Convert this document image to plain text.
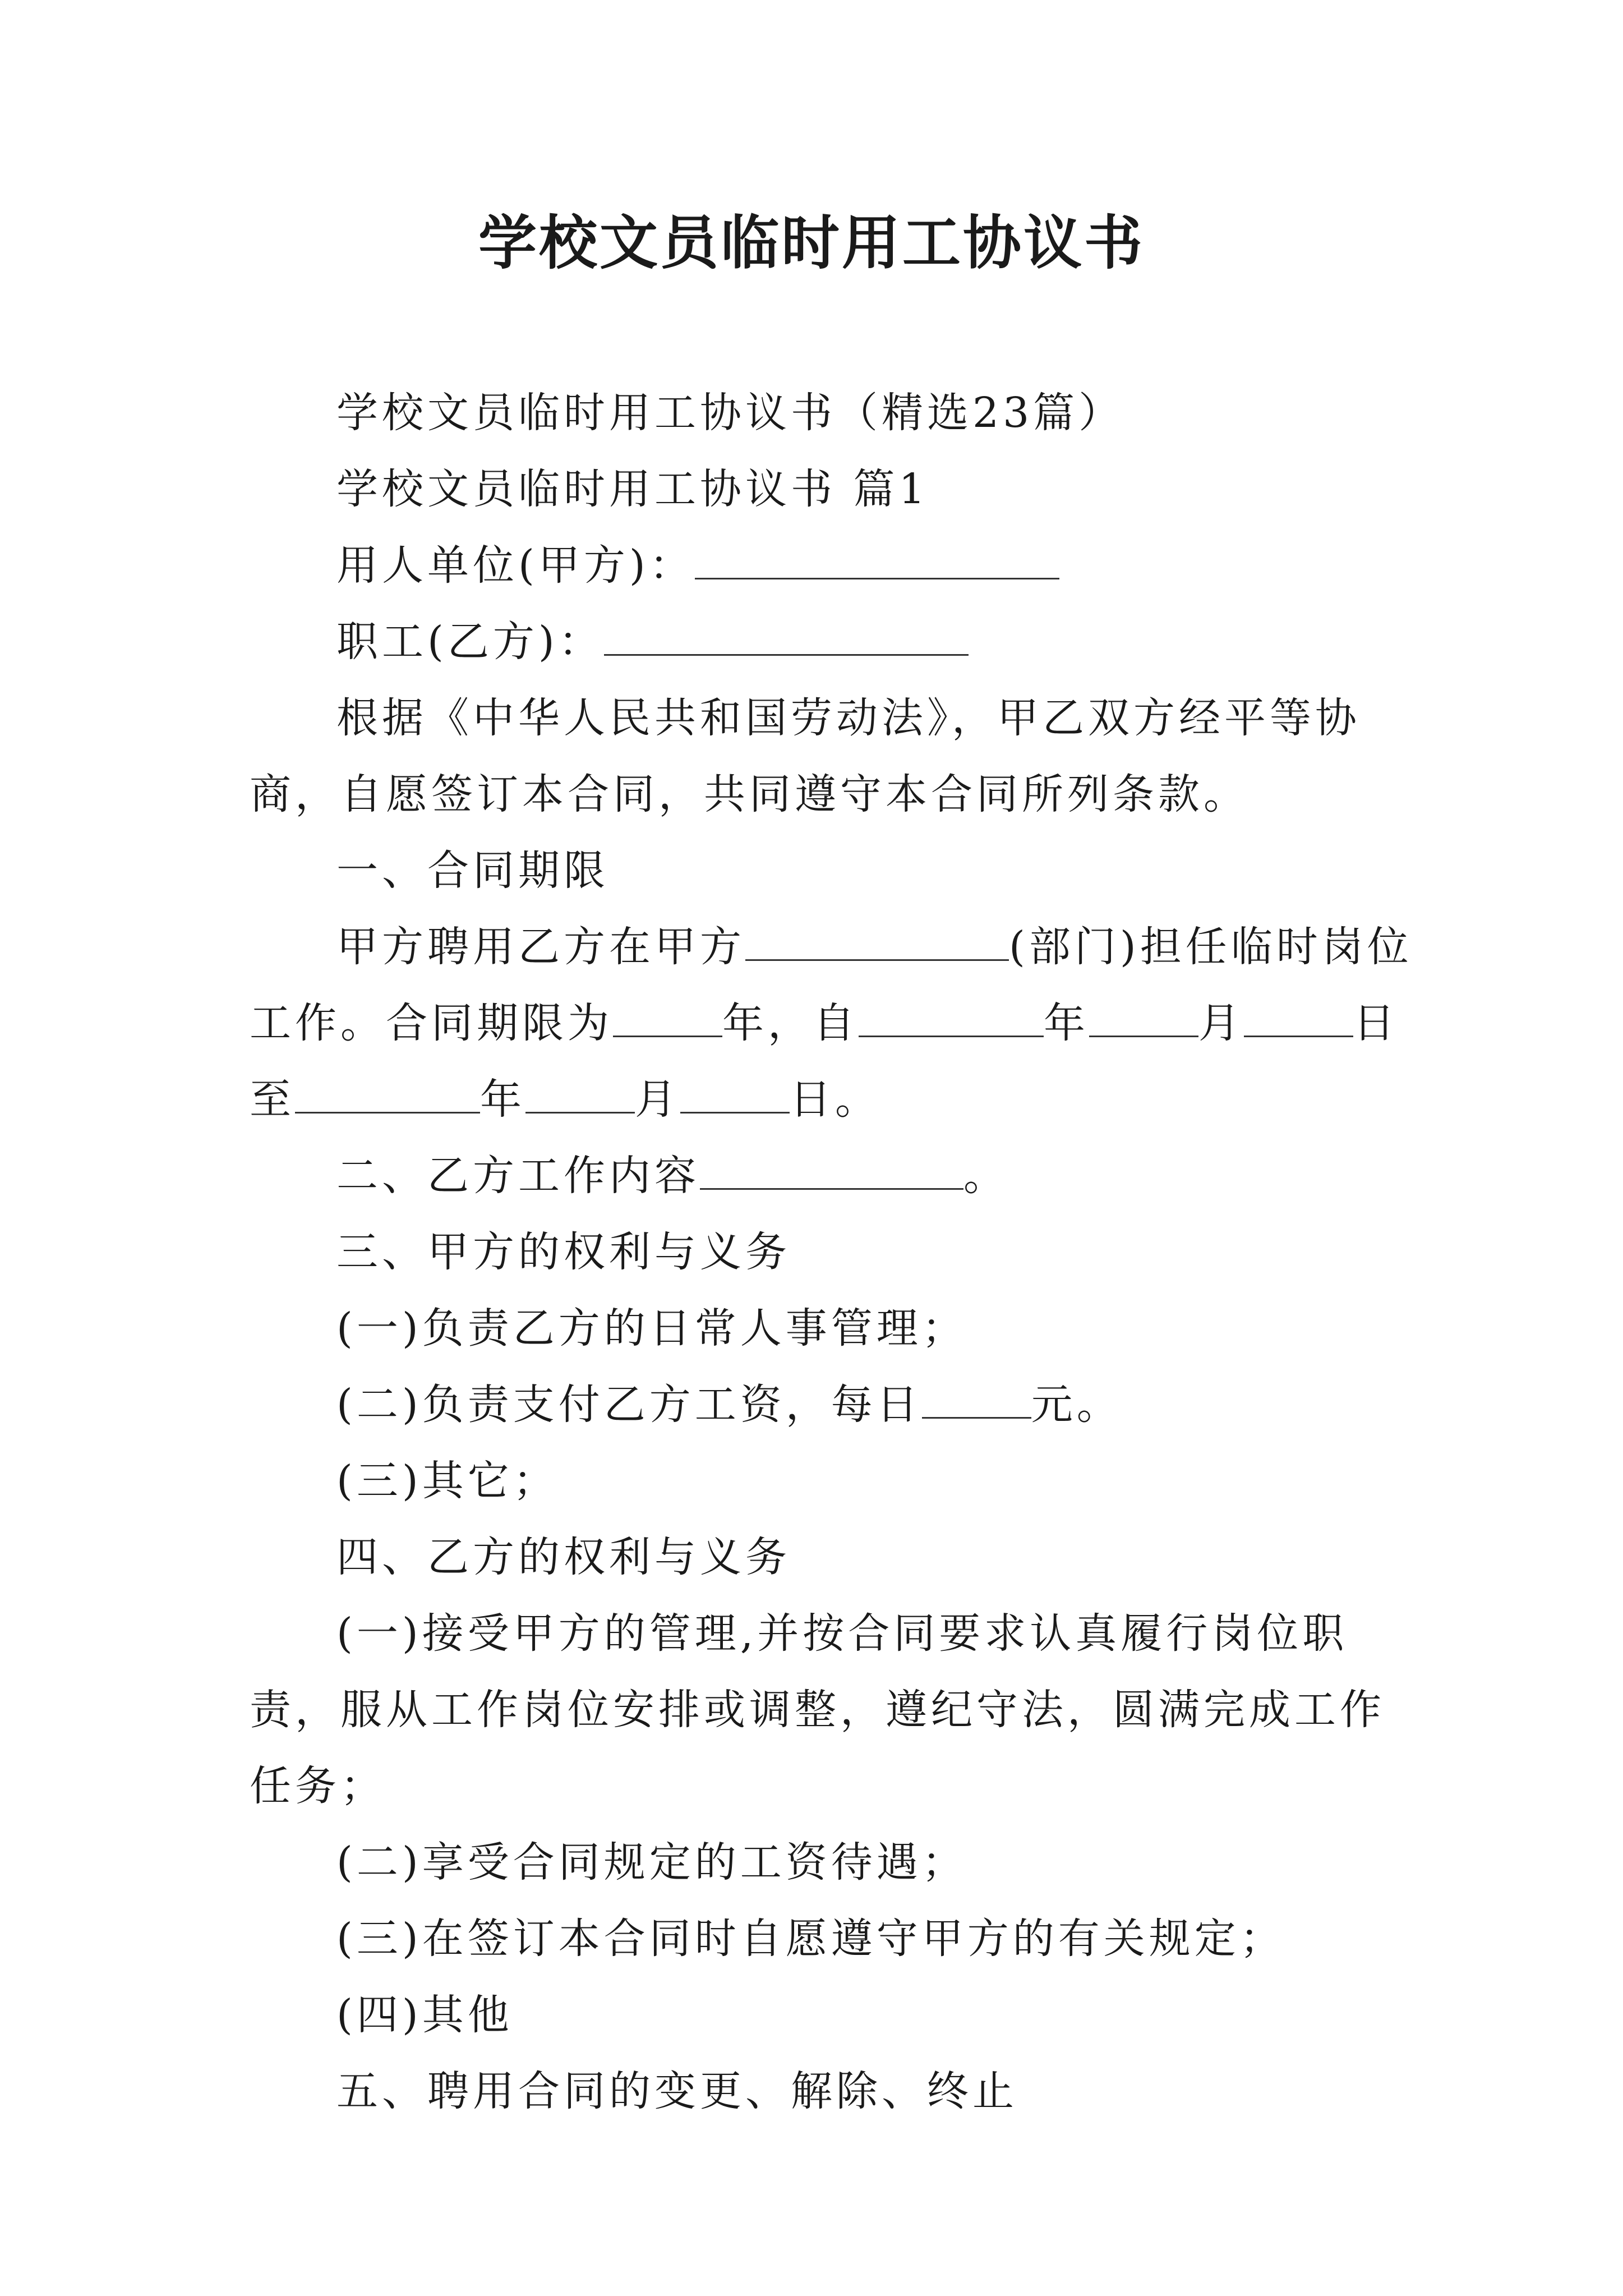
学校文员临时用工协议书

学校文员临时用工协议书（精选23篇）

学校文员临时用工协议书 篇1

用人单位(甲方)：

职工(乙方)：

根据《中华人民共和国劳动法》，甲乙双方经平等协商，自愿签订本合同，共同遵守本合同所列条款。

一、合同期限

甲方聘用乙方在甲方	(部门)担任临时岗位工作。合同期限为	年，自	年	月	日至	年	月	日。

二、乙方工作内容	。

三、甲方的权利与义务

(一)负责乙方的日常人事管理；

(二)负责支付乙方工资，每日	元。

(三)其它；

四、乙方的权利与义务

(一)接受甲方的管理,并按合同要求认真履行岗位职责，服从工作岗位安排或调整，遵纪守法，圆满完成工作任务；

(二)享受合同规定的工资待遇；

(三)在签订本合同时自愿遵守甲方的有关规定；

(四)其他

五、聘用合同的变更、解除、终止
